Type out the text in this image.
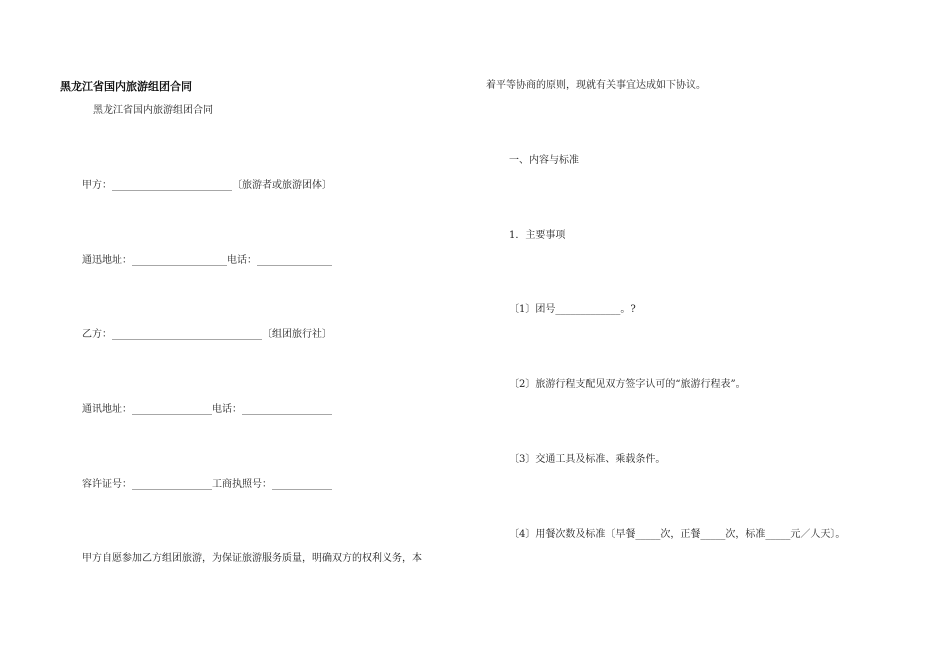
黑龙江省国内旅游组团合同
黑龙江省国内旅游组团合同
甲方：________________________〔旅游者或旅游团体〕
通迅地址：___________________电话：_______________
乙方：______________________________〔组团旅行社〕
通讯地址：________________电话：__________________
容许证号：________________工商执照号：____________
甲方自愿参加乙方组团旅游，为保证旅游服务质量，明确双方的权利义务，本
着平等协商的原则，现就有关事宜达成如下协议。
一、内容与标准
1．主要事项
〔1〕团号_____________。?
〔2〕旅游行程支配见双方签字认可的“旅游行程表”。
〔3〕交通工具及标准、乘载条件。
〔4〕用餐次数及标准〔早餐_____次，正餐_____次，标准_____元／人天〕。
